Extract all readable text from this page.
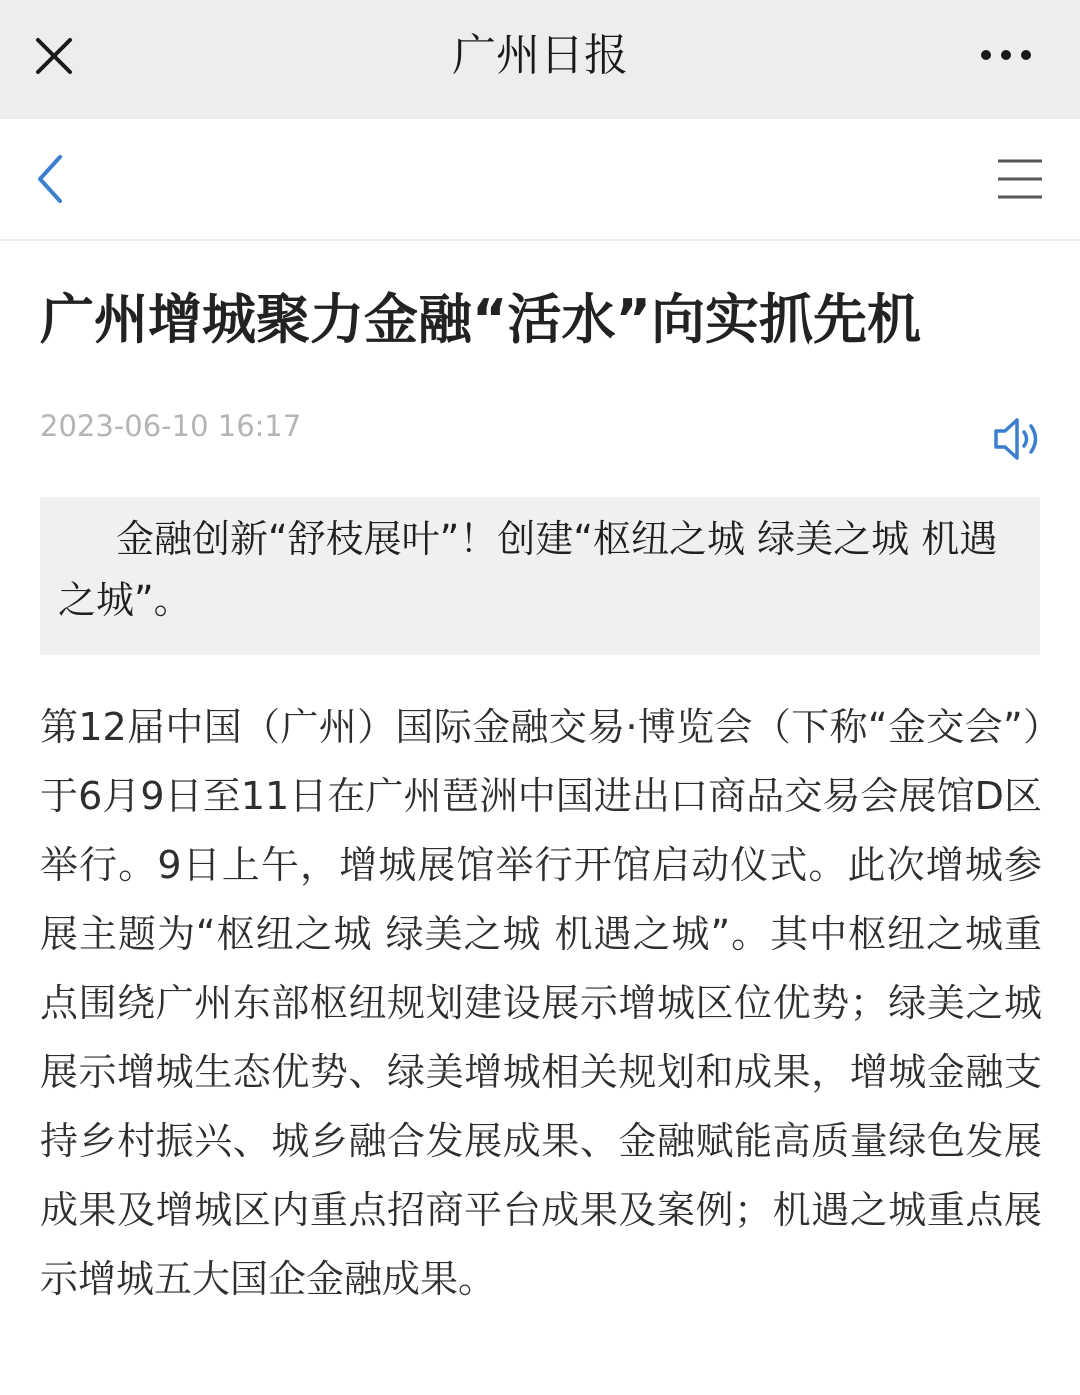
广州日报
广州增城聚力金融“活水”向实抓先机
2023-06-10 16:17
金融创新“舒枝展叶”！创建“枢纽之城 绿美之城 机遇之城”。

第12届中国（广州）国际金融交易·博览会（下称“金交会”）于6月9日至11日在广州琶洲中国进出口商品交易会展馆D区举行。9日上午，增城展馆举行开馆启动仪式。此次增城参展主题为“枢纽之城 绿美之城 机遇之城”。其中枢纽之城重点围绕广州东部枢纽规划建设展示增城区位优势；绿美之城展示增城生态优势、绿美增城相关规划和成果，增城金融支持乡村振兴、城乡融合发展成果、金融赋能高质量绿色发展成果及增城区内重点招商平台成果及案例；机遇之城重点展示增城五大国企金融成果。
